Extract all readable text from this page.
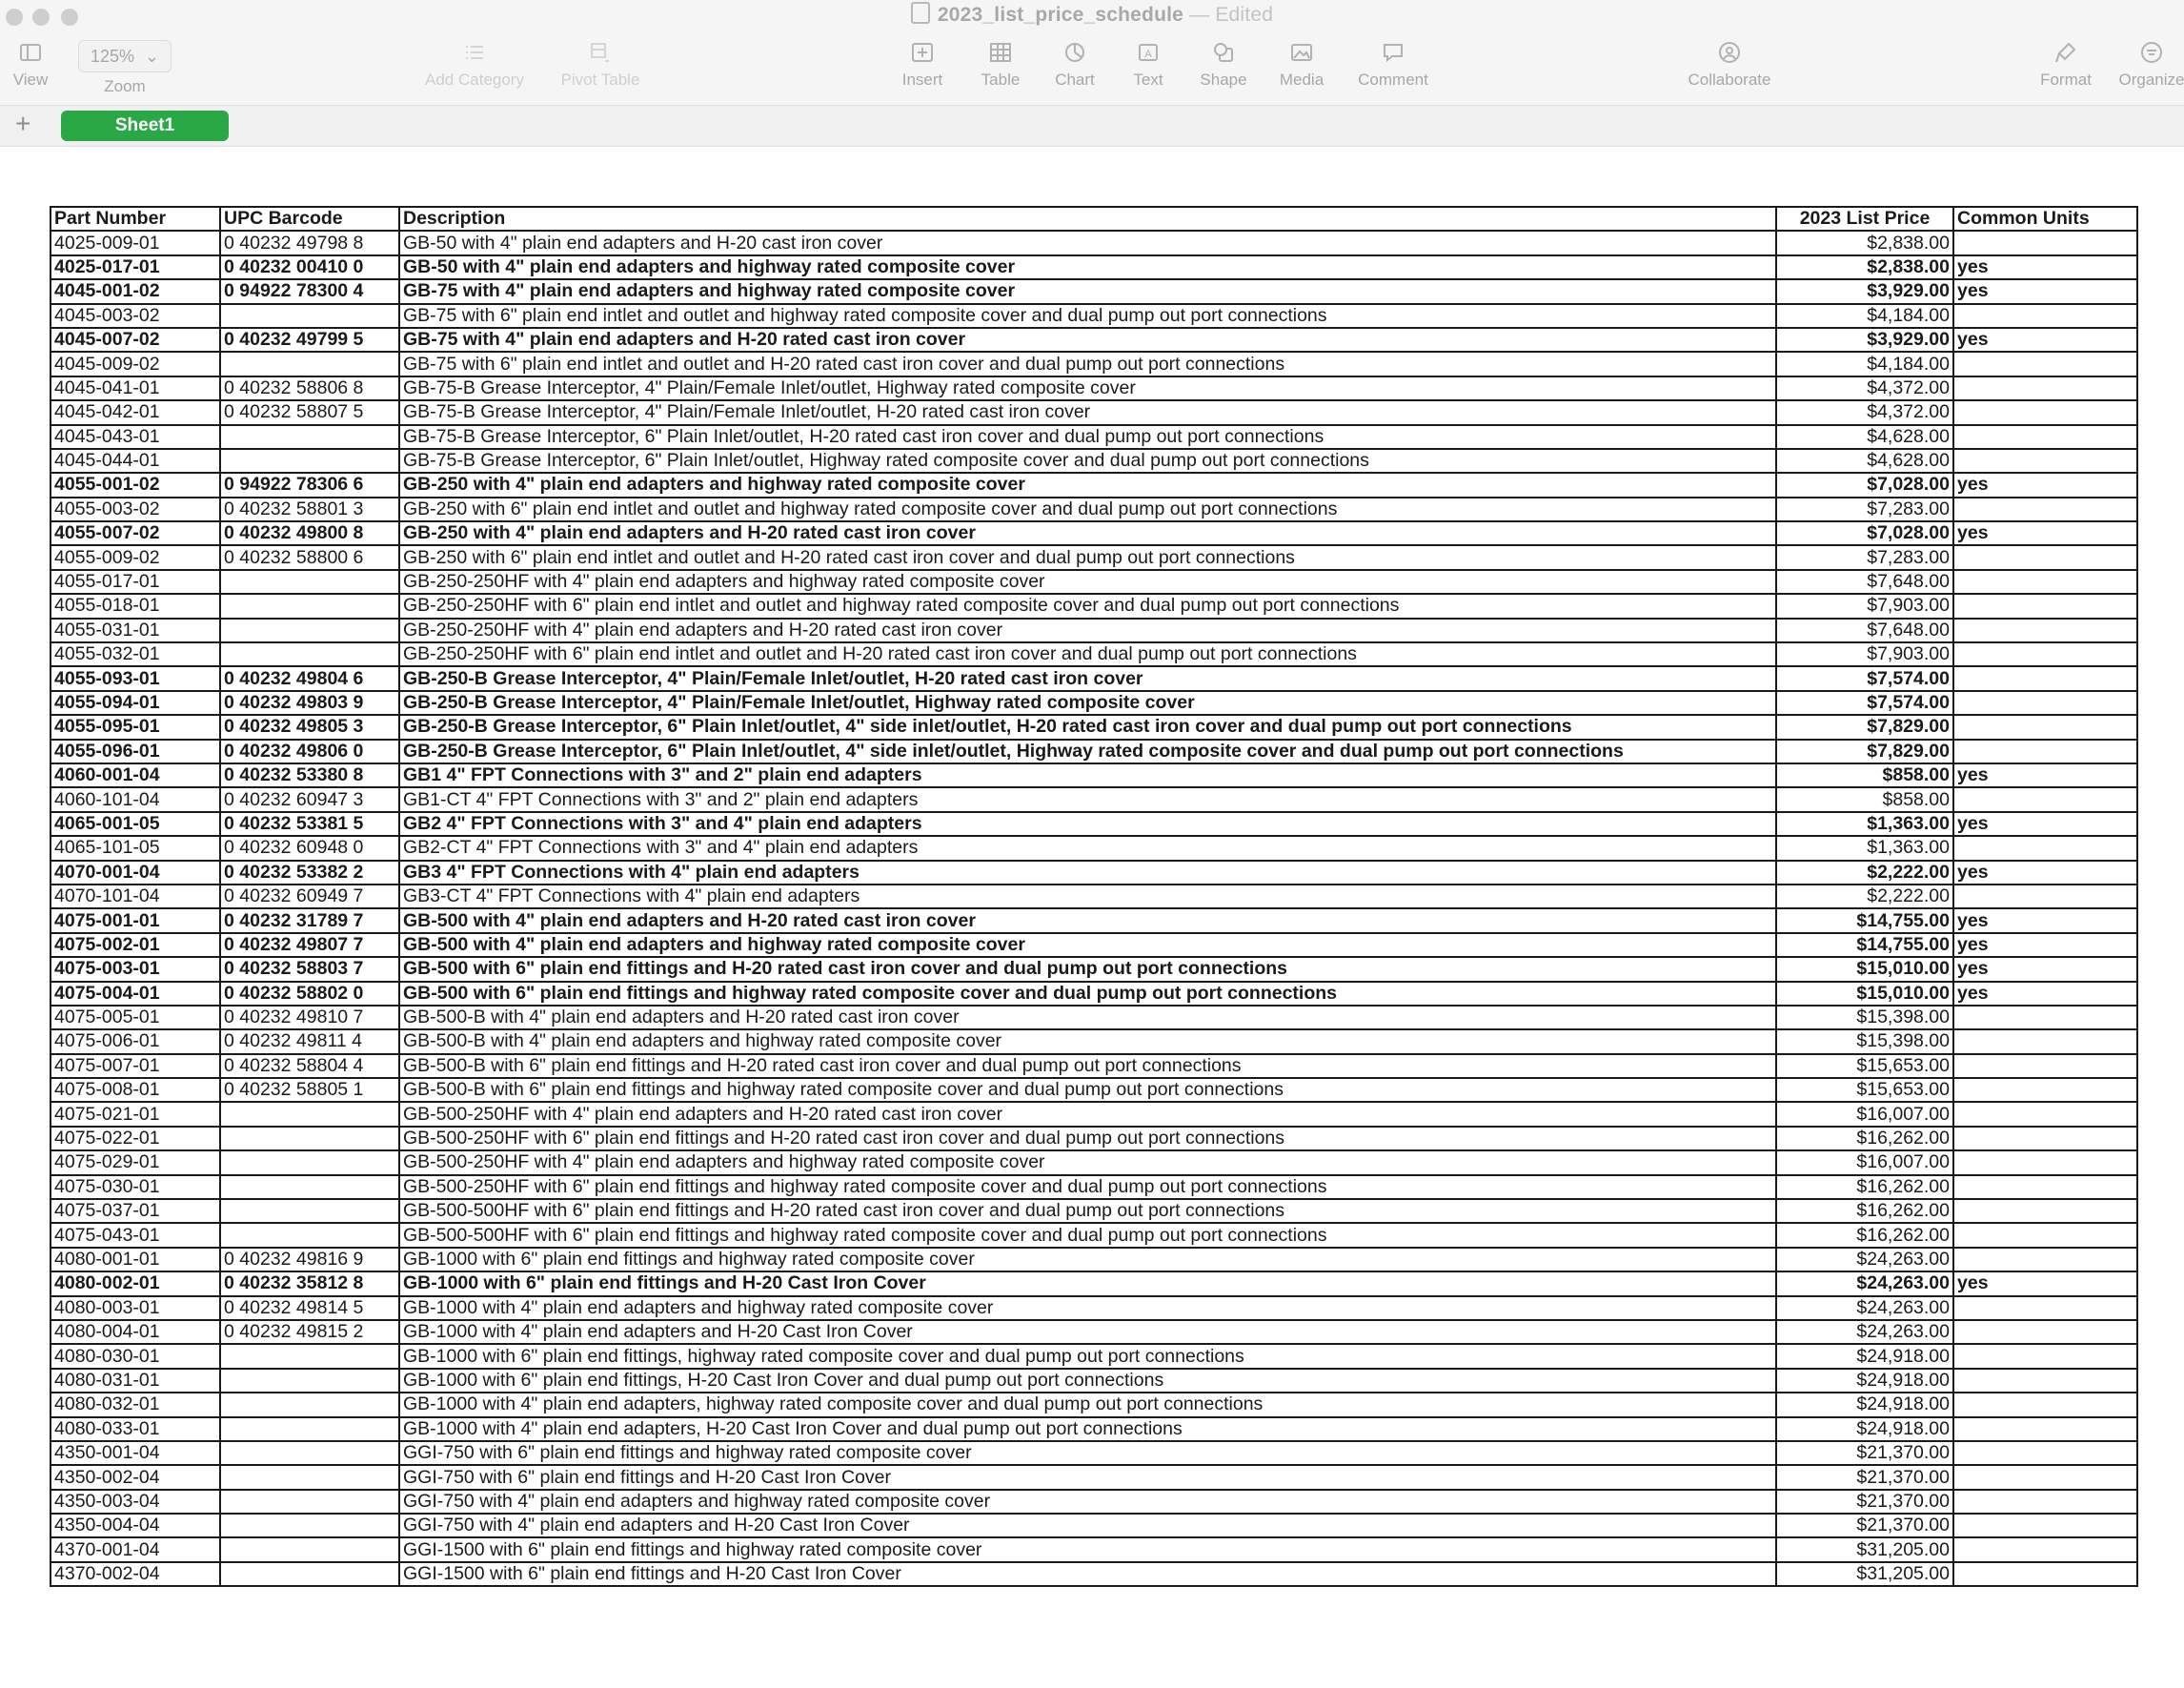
2023_list_price_schedule — Edited
View
125% ⌄
Zoom	Add Category	Pivot Table	Insert	Table	Chart
A
Text	Shape	Media	Comment	Collaborate	Format	Organize
+	Sheet1
Part Number	UPC Barcode	Description	2023 List Price	Common Units
4025-009-01	0 40232 49798 8	GB-50 with 4" plain end adapters and H-20 cast iron cover	$2,838.00	
4025-017-01	0 40232 00410 0	GB-50 with 4" plain end adapters and highway rated composite cover	$2,838.00	yes
4045-001-02	0 94922 78300 4	GB-75 with 4" plain end adapters and highway rated composite cover	$3,929.00	yes
4045-003-02		GB-75 with 6" plain end intlet and outlet and highway rated composite cover and dual pump out port connections	$4,184.00	
4045-007-02	0 40232 49799 5	GB-75 with 4" plain end adapters and H-20 rated cast iron cover	$3,929.00	yes
4045-009-02		GB-75 with 6" plain end intlet and outlet and H-20 rated cast iron cover and dual pump out port connections	$4,184.00	
4045-041-01	0 40232 58806 8	GB-75-B Grease Interceptor, 4" Plain/Female Inlet/outlet, Highway rated composite cover	$4,372.00	
4045-042-01	0 40232 58807 5	GB-75-B Grease Interceptor, 4" Plain/Female Inlet/outlet, H-20 rated cast iron cover	$4,372.00	
4045-043-01		GB-75-B Grease Interceptor, 6" Plain Inlet/outlet, H-20 rated cast iron cover and dual pump out port connections	$4,628.00	
4045-044-01		GB-75-B Grease Interceptor, 6" Plain Inlet/outlet, Highway rated composite cover and dual pump out port connections	$4,628.00	
4055-001-02	0 94922 78306 6	GB-250 with 4" plain end adapters and highway rated composite cover	$7,028.00	yes
4055-003-02	0 40232 58801 3	GB-250 with 6" plain end intlet and outlet and highway rated composite cover and dual pump out port connections	$7,283.00	
4055-007-02	0 40232 49800 8	GB-250 with 4" plain end adapters and H-20 rated cast iron cover	$7,028.00	yes
4055-009-02	0 40232 58800 6	GB-250 with 6" plain end intlet and outlet and H-20 rated cast iron cover and dual pump out port connections	$7,283.00	
4055-017-01		GB-250-250HF with 4" plain end adapters and highway rated composite cover	$7,648.00	
4055-018-01		GB-250-250HF with 6" plain end intlet and outlet and highway rated composite cover and dual pump out port connections	$7,903.00	
4055-031-01		GB-250-250HF with 4" plain end adapters and H-20 rated cast iron cover	$7,648.00	
4055-032-01		GB-250-250HF with 6" plain end intlet and outlet and H-20 rated cast iron cover and dual pump out port connections	$7,903.00	
4055-093-01	0 40232 49804 6	GB-250-B Grease Interceptor, 4" Plain/Female Inlet/outlet, H-20 rated cast iron cover	$7,574.00	
4055-094-01	0 40232 49803 9	GB-250-B Grease Interceptor, 4" Plain/Female Inlet/outlet, Highway rated composite cover	$7,574.00	
4055-095-01	0 40232 49805 3	GB-250-B Grease Interceptor, 6" Plain Inlet/outlet, 4" side inlet/outlet, H-20 rated cast iron cover and dual pump out port connections	$7,829.00	
4055-096-01	0 40232 49806 0	GB-250-B Grease Interceptor, 6" Plain Inlet/outlet, 4" side inlet/outlet, Highway rated composite cover and dual pump out port connections	$7,829.00	
4060-001-04	0 40232 53380 8	GB1 4" FPT Connections with 3" and 2" plain end adapters	$858.00	yes
4060-101-04	0 40232 60947 3	GB1-CT 4" FPT Connections with 3" and 2" plain end adapters	$858.00	
4065-001-05	0 40232 53381 5	GB2 4" FPT Connections with 3" and 4" plain end adapters	$1,363.00	yes
4065-101-05	0 40232 60948 0	GB2-CT 4" FPT Connections with 3" and 4" plain end adapters	$1,363.00	
4070-001-04	0 40232 53382 2	GB3 4" FPT Connections with 4" plain end adapters	$2,222.00	yes
4070-101-04	0 40232 60949 7	GB3-CT 4" FPT Connections with 4" plain end adapters	$2,222.00	
4075-001-01	0 40232 31789 7	GB-500 with 4" plain end adapters and H-20 rated cast iron cover	$14,755.00	yes
4075-002-01	0 40232 49807 7	GB-500 with 4" plain end adapters and highway rated composite cover	$14,755.00	yes
4075-003-01	0 40232 58803 7	GB-500 with 6" plain end fittings and H-20 rated cast iron cover and dual pump out port connections	$15,010.00	yes
4075-004-01	0 40232 58802 0	GB-500 with 6" plain end fittings and highway rated composite cover and dual pump out port connections	$15,010.00	yes
4075-005-01	0 40232 49810 7	GB-500-B with 4" plain end adapters and H-20 rated cast iron cover	$15,398.00	
4075-006-01	0 40232 49811 4	GB-500-B with 4" plain end adapters and highway rated composite cover	$15,398.00	
4075-007-01	0 40232 58804 4	GB-500-B with 6" plain end fittings and H-20 rated cast iron cover and dual pump out port connections	$15,653.00	
4075-008-01	0 40232 58805 1	GB-500-B with 6" plain end fittings and highway rated composite cover and dual pump out port connections	$15,653.00	
4075-021-01		GB-500-250HF with 4" plain end adapters and H-20 rated cast iron cover	$16,007.00	
4075-022-01		GB-500-250HF with 6" plain end fittings and H-20 rated cast iron cover and dual pump out port connections	$16,262.00	
4075-029-01		GB-500-250HF with 4" plain end adapters and highway rated composite cover	$16,007.00	
4075-030-01		GB-500-250HF with 6" plain end fittings and highway rated composite cover and dual pump out port connections	$16,262.00	
4075-037-01		GB-500-500HF with 6" plain end fittings and H-20 rated cast iron cover and dual pump out port connections	$16,262.00	
4075-043-01		GB-500-500HF with 6" plain end fittings and highway rated composite cover and dual pump out port connections	$16,262.00	
4080-001-01	0 40232 49816 9	GB-1000 with 6" plain end fittings and highway rated composite cover	$24,263.00	
4080-002-01	0 40232 35812 8	GB-1000 with 6" plain end fittings and H-20 Cast Iron Cover	$24,263.00	yes
4080-003-01	0 40232 49814 5	GB-1000 with 4" plain end adapters and highway rated composite cover	$24,263.00	
4080-004-01	0 40232 49815 2	GB-1000 with 4" plain end adapters and H-20 Cast Iron Cover	$24,263.00	
4080-030-01		GB-1000 with 6" plain end fittings, highway rated composite cover and dual pump out port connections	$24,918.00	
4080-031-01		GB-1000 with 6" plain end fittings, H-20 Cast Iron Cover and dual pump out port connections	$24,918.00	
4080-032-01		GB-1000 with 4" plain end adapters, highway rated composite cover and dual pump out port connections	$24,918.00	
4080-033-01		GB-1000 with 4" plain end adapters, H-20 Cast Iron Cover and dual pump out port connections	$24,918.00	
4350-001-04		GGI-750 with 6" plain end fittings and highway rated composite cover	$21,370.00	
4350-002-04		GGI-750 with 6" plain end fittings and H-20 Cast Iron Cover	$21,370.00	
4350-003-04		GGI-750 with 4" plain end adapters and highway rated composite cover	$21,370.00	
4350-004-04		GGI-750 with 4" plain end adapters and H-20 Cast Iron Cover	$21,370.00	
4370-001-04		GGI-1500 with 6" plain end fittings and highway rated composite cover	$31,205.00	
4370-002-04		GGI-1500 with 6" plain end fittings and H-20 Cast Iron Cover	$31,205.00	
